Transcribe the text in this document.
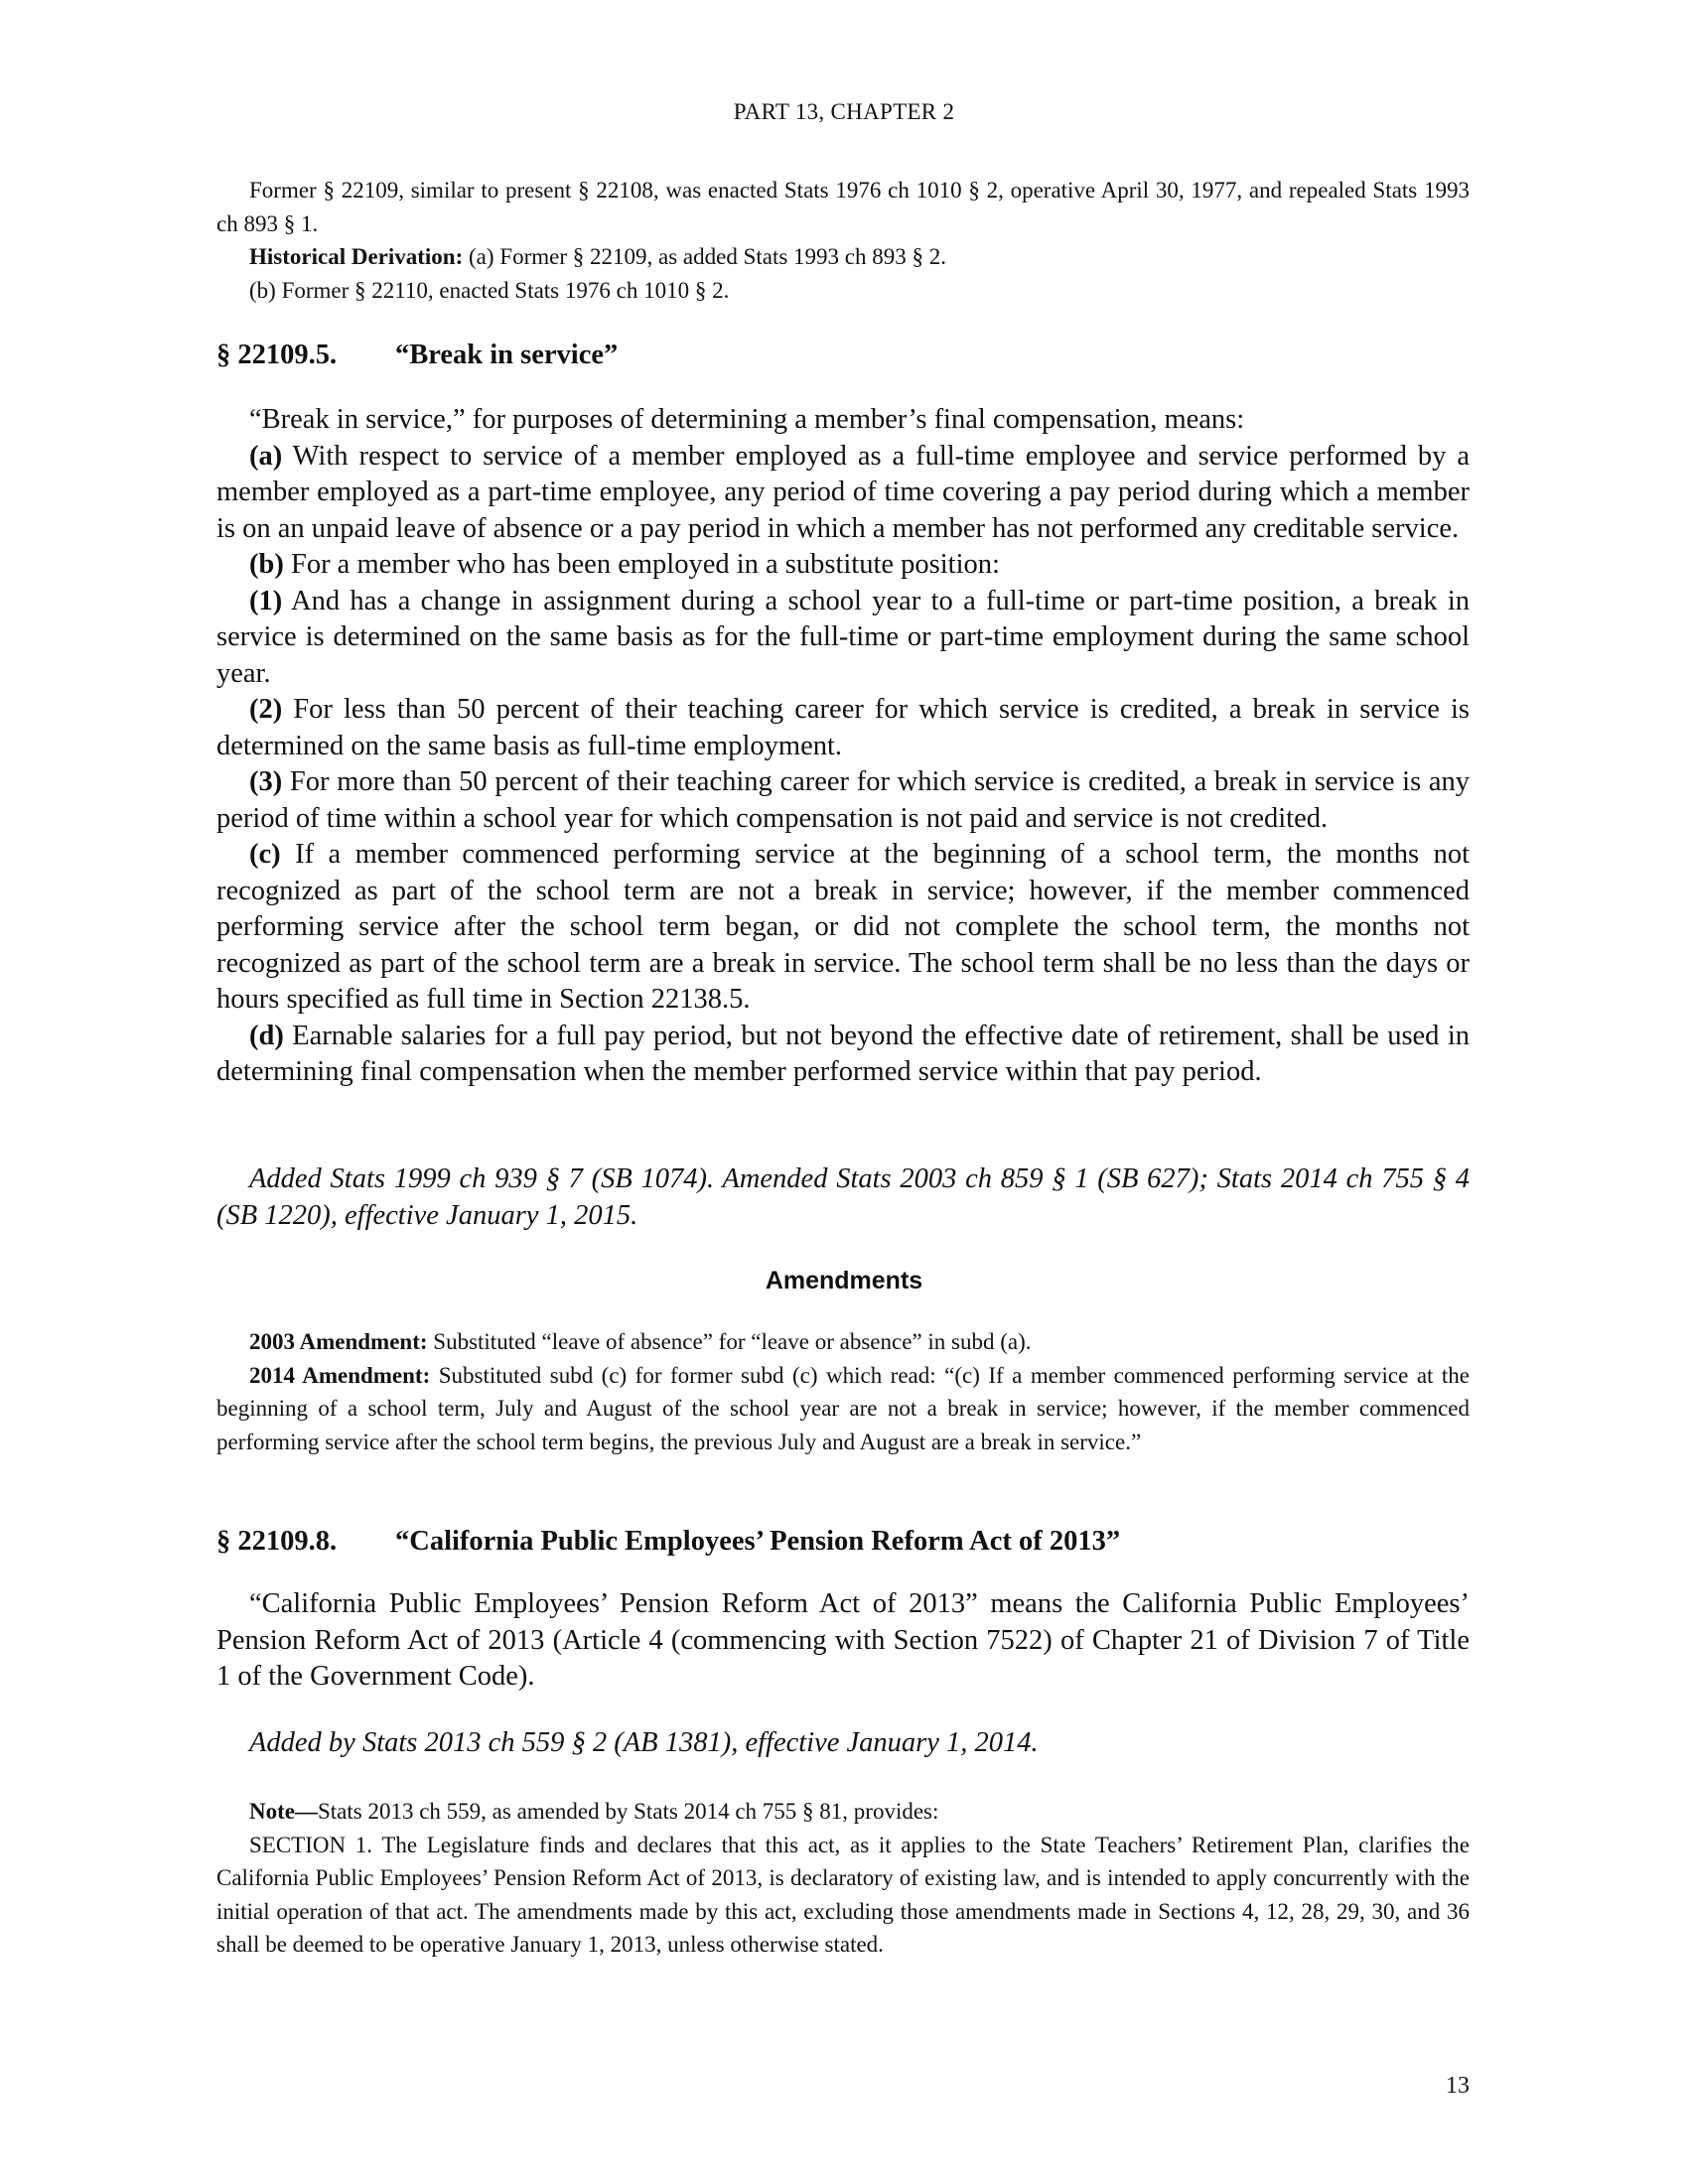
PART 13, CHAPTER 2

Former § 22109, similar to present § 22108, was enacted Stats 1976 ch 1010 § 2, operative April 30, 1977, and repealed Stats 1993 ch 893 § 1.

Historical Derivation: (a) Former § 22109, as added Stats 1993 ch 893 § 2.

(b) Former § 22110, enacted Stats 1976 ch 1010 § 2.

§ 22109.5. “Break in service”

“Break in service,” for purposes of determining a member’s final compensation, means:

(a) With respect to service of a member employed as a full-time employee and service performed by a member employed as a part-time employee, any period of time covering a pay period during which a member is on an unpaid leave of absence or a pay period in which a member has not performed any creditable service.

(b) For a member who has been employed in a substitute position:

(1) And has a change in assignment during a school year to a full-time or part-time position, a break in service is determined on the same basis as for the full-time or part-time employment during the same school year.

(2) For less than 50 percent of their teaching career for which service is credited, a break in service is determined on the same basis as full-time employment.

(3) For more than 50 percent of their teaching career for which service is credited, a break in service is any period of time within a school year for which compensation is not paid and service is not credited.

(c) If a member commenced performing service at the beginning of a school term, the months not recognized as part of the school term are not a break in service; however, if the member commenced performing service after the school term began, or did not complete the school term, the months not recognized as part of the school term are a break in service. The school term shall be no less than the days or hours specified as full time in Section 22138.5.

(d) Earnable salaries for a full pay period, but not beyond the effective date of retirement, shall be used in determining final compensation when the member performed service within that pay period.

Added Stats 1999 ch 939 § 7 (SB 1074). Amended Stats 2003 ch 859 § 1 (SB 627); Stats 2014 ch 755 § 4 (SB 1220), effective January 1, 2015.

Amendments

2003 Amendment: Substituted “leave of absence” for “leave or absence” in subd (a).

2014 Amendment: Substituted subd (c) for former subd (c) which read: “(c) If a member commenced performing service at the beginning of a school term, July and August of the school year are not a break in service; however, if the member commenced performing service after the school term begins, the previous July and August are a break in service.”

§ 22109.8. “California Public Employees’ Pension Reform Act of 2013”

“California Public Employees’ Pension Reform Act of 2013” means the California Public Employees’ Pension Reform Act of 2013 (Article 4 (commencing with Section 7522) of Chapter 21 of Division 7 of Title 1 of the Government Code).

Added by Stats 2013 ch 559 § 2 (AB 1381), effective January 1, 2014.

Note—Stats 2013 ch 559, as amended by Stats 2014 ch 755 § 81, provides:

SECTION 1. The Legislature finds and declares that this act, as it applies to the State Teachers’ Retirement Plan, clarifies the California Public Employees’ Pension Reform Act of 2013, is declaratory of existing law, and is intended to apply concurrently with the initial operation of that act. The amendments made by this act, excluding those amendments made in Sections 4, 12, 28, 29, 30, and 36 shall be deemed to be operative January 1, 2013, unless otherwise stated.

13
